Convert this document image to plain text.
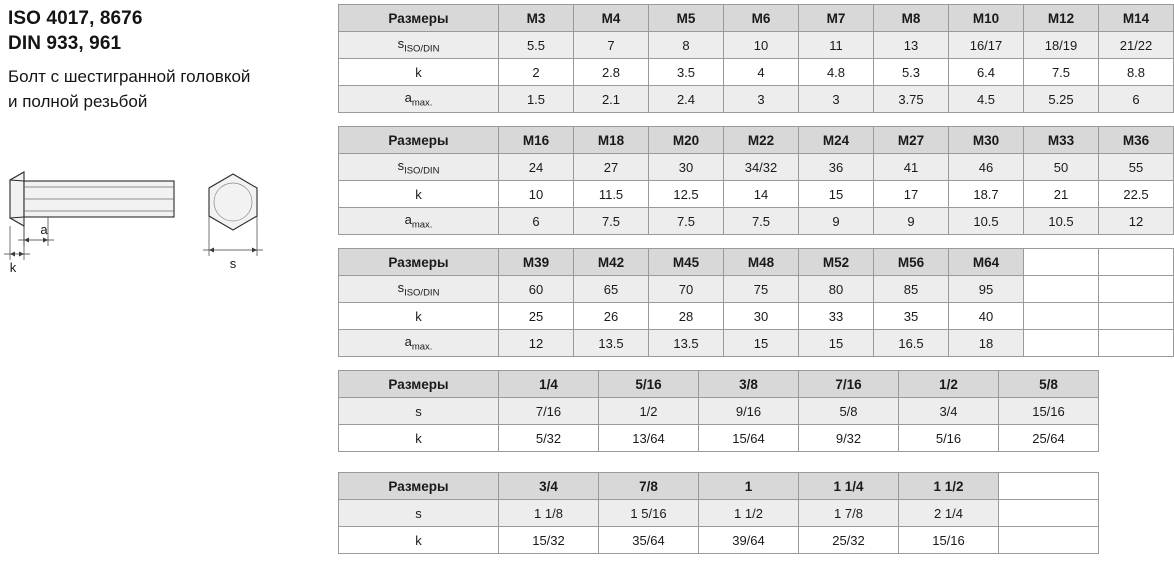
ISO 4017, 8676
DIN 933, 961
Болт с шестигранной головкой
и полной резьбой
k
a
s
Размеры	M3	M4	M5	M6	M7	M8	M10	M12	M14
$s_{ISO/DIN}$	5.5	7	8	10	11	13	16/17	18/19	21/22
k	2	2.8	3.5	4	4.8	5.3	6.4	7.5	8.8
$a_{max.}$	1.5	2.1	2.4	3	3	3.75	4.5	5.25	6
Размеры	M16	M18	M20	M22	M24	M27	M30	M33	M36
$s_{ISO/DIN}$	24	27	30	34/32	36	41	46	50	55
k	10	11.5	12.5	14	15	17	18.7	21	22.5
$a_{max.}$	6	7.5	7.5	7.5	9	9	10.5	10.5	12
Размеры	M39	M42	M45	M48	M52	M56	M64		
$s_{ISO/DIN}$	60	65	70	75	80	85	95		
k	25	26	28	30	33	35	40		
$a_{max.}$	12	13.5	13.5	15	15	16.5	18		
Размеры	1/4	5/16	3/8	7/16	1/2	5/8
s	7/16	1/2	9/16	5/8	3/4	15/16
k	5/32	13/64	15/64	9/32	5/16	25/64
Размеры	3/4	7/8	1	1 1/4	1 1/2	
s	1 1/8	1 5/16	1 1/2	1 7/8	2 1/4	
k	15/32	35/64	39/64	25/32	15/16	
